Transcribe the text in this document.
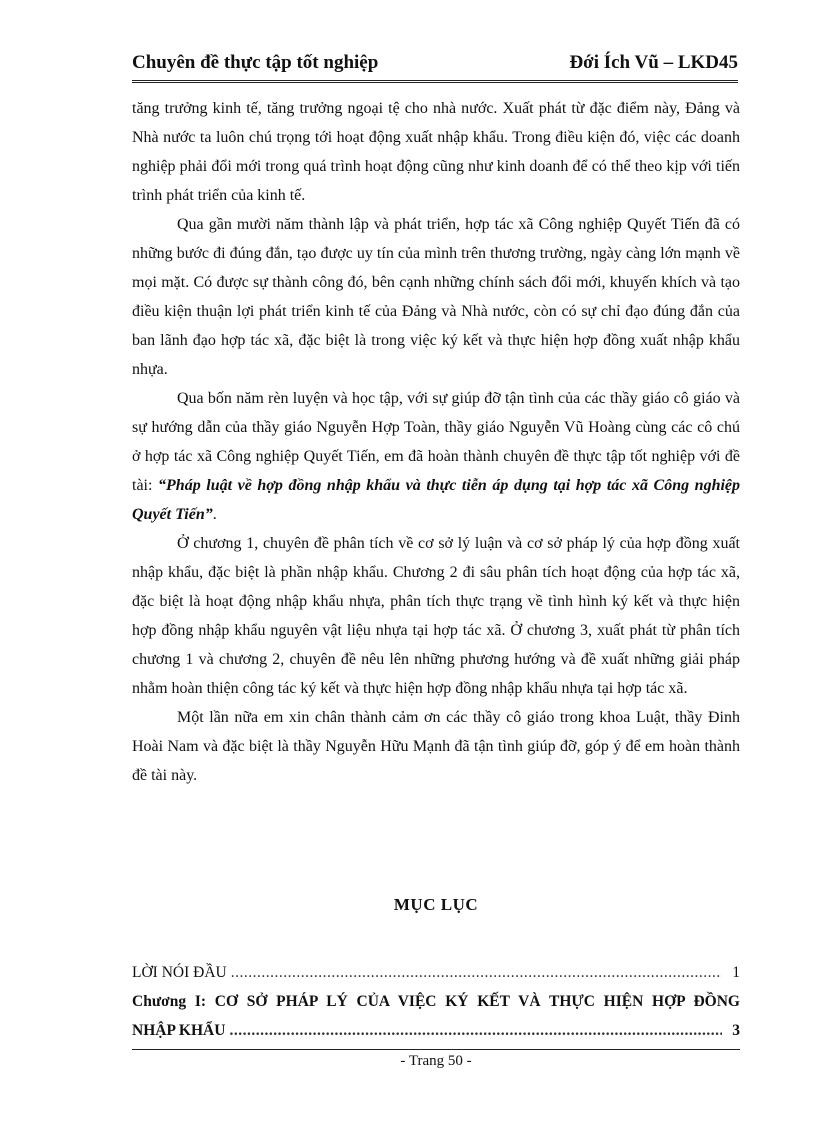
Chuyên đề thực tập tốt nghiệp	Đới Ích Vũ – LKD45

tăng trưởng kinh tế, tăng trưởng ngoại tệ cho nhà nước. Xuất phát từ đặc điểm này, Đảng và Nhà nước ta luôn chú trọng tới hoạt động xuất nhập khẩu. Trong điều kiện đó, việc các doanh nghiệp phải đổi mới trong quá trình hoạt động cũng như kinh doanh để có thể theo kịp với tiến trình phát triển của kinh tế.

Qua gần mười năm thành lập và phát triển, hợp tác xã Công nghiệp Quyết Tiến đã có những bước đi đúng đắn, tạo được uy tín của mình trên thương trường, ngày càng lớn mạnh về mọi mặt. Có được sự thành công đó, bên cạnh những chính sách đổi mới, khuyến khích và tạo điều kiện thuận lợi phát triển kinh tế của Đảng và Nhà nước, còn có sự chỉ đạo đúng đắn của ban lãnh đạo hợp tác xã, đặc biệt là trong việc ký kết và thực hiện hợp đồng xuất nhập khẩu nhựa.

Qua bốn năm rèn luyện và học tập, với sự giúp đỡ tận tình của các thầy giáo cô giáo và sự hướng dẫn của thầy giáo Nguyễn Hợp Toàn, thầy giáo Nguyễn Vũ Hoàng cùng các cô chú ở hợp tác xã Công nghiệp Quyết Tiến, em đã hoàn thành chuyên đề thực tập tốt nghiệp với đề tài: “Pháp luật về hợp đồng nhập khẩu và thực tiễn áp dụng tại hợp tác xã Công nghiệp Quyết Tiến”.

Ở chương 1, chuyên đề phân tích về cơ sở lý luận và cơ sở pháp lý của hợp đồng xuất nhập khẩu, đặc biệt là phần nhập khẩu. Chương 2 đi sâu phân tích hoạt động của hợp tác xã, đặc biệt là hoạt động nhập khẩu nhựa, phân tích thực trạng về tình hình ký kết và thực hiện hợp đồng nhập khẩu nguyên vật liệu nhựa tại hợp tác xã. Ở chương 3, xuất phát từ phân tích chương 1 và chương 2, chuyên đề nêu lên những phương hướng và đề xuất những giải pháp nhằm hoàn thiện công tác ký kết và thực hiện hợp đồng nhập khẩu nhựa tại hợp tác xã.

Một lần nữa em xin chân thành cảm ơn các thầy cô giáo trong khoa Luật, thầy Đinh Hoài Nam và đặc biệt là thầy Nguyễn Hữu Mạnh đã tận tình giúp đỡ, góp ý để em hoàn thành đề tài này.

MỤC LỤC
LỜI NÓI ĐẦU .....	1
Chương I: CƠ SỞ PHÁP LÝ CỦA VIỆC KÝ KẾT VÀ THỰC HIỆN HỢP ĐỒNG
NHẬP KHẨU .....	3
- Trang 50 -
